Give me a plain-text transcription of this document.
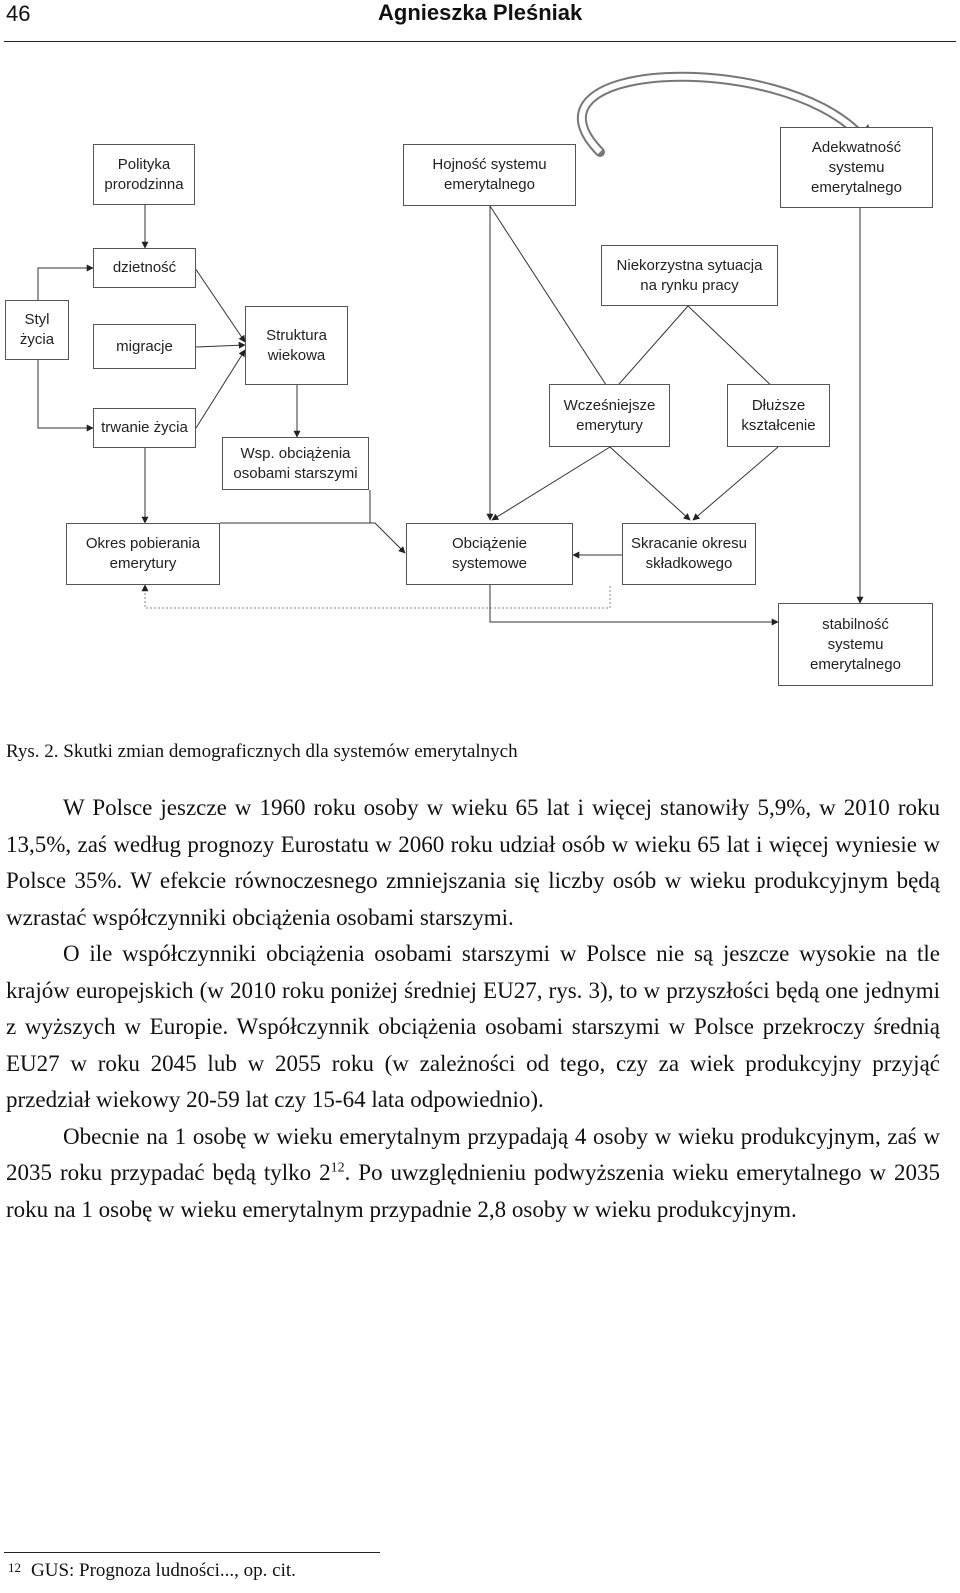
46	Agnieszka Pleśniak
Polityka
prorodzinna
Hojność systemu
emerytalnego
Adekwatność
systemu
emerytalnego
dzietność	Niekorzystna sytuacja
na rynku pracy
Styl
życia	migracje
Struktura
wiekowa
trwanie życia
Wcześniejsze
emerytury
Dłuższe
kształcenie
Wsp. obciążenia
osobami starszymi
Okres pobierania
emerytury
Obciążenie
systemowe
Skracanie okresu
składkowego
stabilność
systemu
emerytalnego
Rys. 2. Skutki zmian demograficznych dla systemów emerytalnych

W Polsce jeszcze w 1960 roku osoby w wieku 65 lat i więcej stanowiły 5,9%, w 2010 roku 13,5%, zaś według prognozy Eurostatu w 2060 roku udział osób w wieku 65 lat i więcej wyniesie w Polsce 35%. W efekcie równoczesnego zmniejszania się liczby osób w wieku produkcyjnym będą wzrastać współczynniki obciążenia osobami starszymi.

O ile współczynniki obciążenia osobami starszymi w Polsce nie są jeszcze wysokie na tle krajów europejskich (w 2010 roku poniżej średniej EU27, rys. 3), to w przyszłości będą one jednymi z wyższych w Europie. Współczynnik obciążenia osobami starszymi w Polsce przekroczy średnią EU27 w roku 2045 lub w 2055 roku (w zależności od tego, czy za wiek produkcyjny przyjąć przedział wiekowy 20-59 lat czy 15-64 lata odpowiednio).

Obecnie na 1 osobę w wieku emerytalnym przypadają 4 osoby w wieku produkcyjnym, zaś w 2035 roku przypadać będą tylko $2^{12}$. Po uwzględnieniu podwyższenia wieku emerytalnego w 2035 roku na 1 osobę w wieku emerytalnym przypadnie 2,8 osoby w wieku produkcyjnym.

$^{12}$ GUS: Prognoza ludności..., op. cit.
